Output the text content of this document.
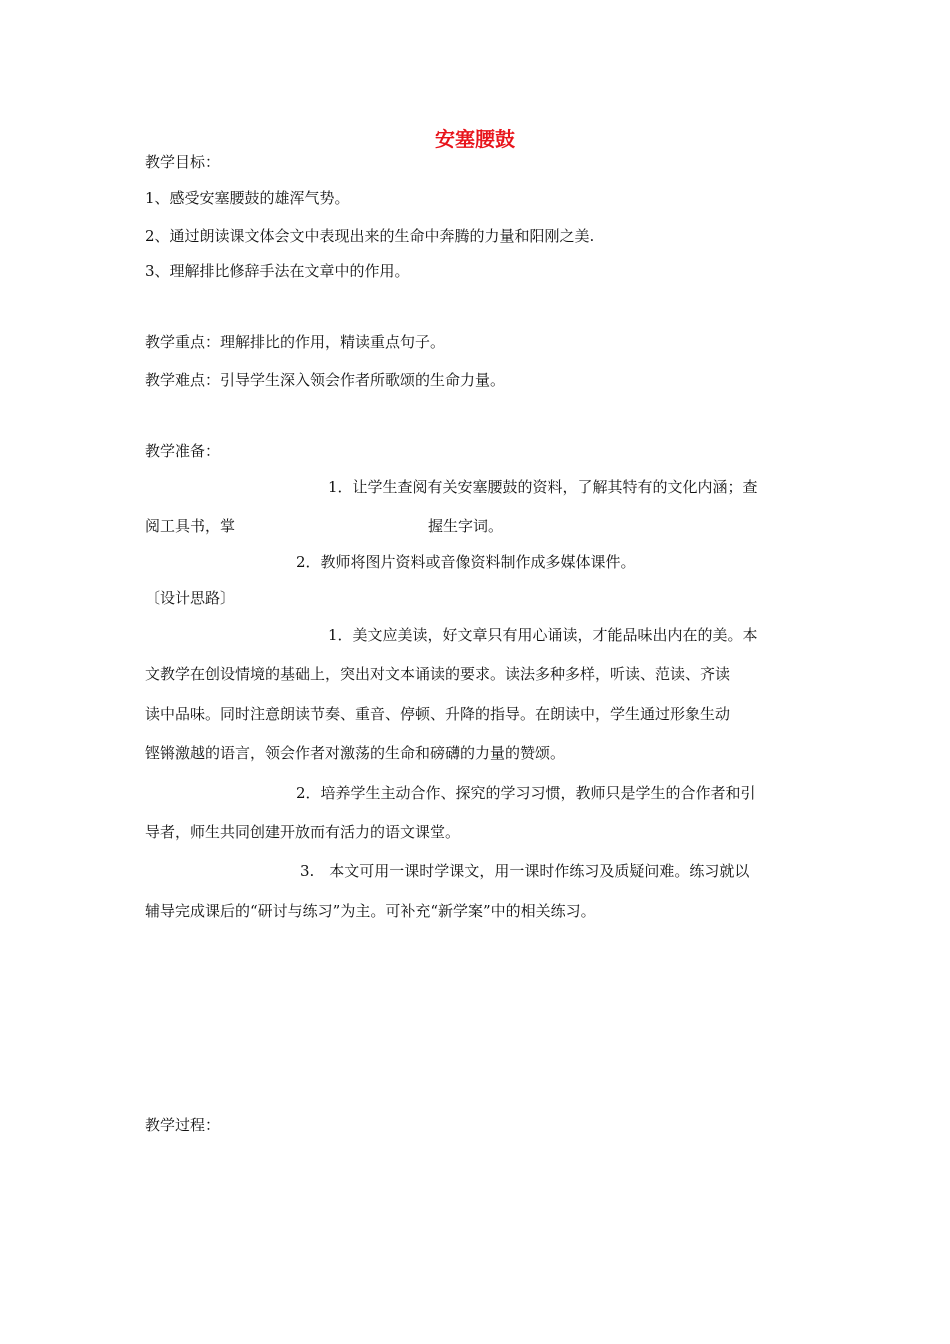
安塞腰鼓
教学目标：
1、感受安塞腰鼓的雄浑气势。
2、通过朗读课文体会文中表现出来的生命中奔腾的力量和阳刚之美.
3、理解排比修辞手法在文章中的作用。
教学重点：理解排比的作用，精读重点句子。
教学难点：引导学生深入领会作者所歌颂的生命力量。
教学准备：
1．让学生查阅有关安塞腰鼓的资料，了解其特有的文化内涵；查
阅工具书，掌	握生字词。
2．教师将图片资料或音像资料制作成多媒体课件。
〔设计思路〕
1．美文应美读，好文章只有用心诵读，才能品味出内在的美。本
文教学在创设情境的基础上，突出对文本诵读的要求。读法多种多样，听读、范读、齐读
读中品味。同时注意朗读节奏、重音、停顿、升降的指导。在朗读中，学生通过形象生动
铿锵激越的语言，领会作者对激荡的生命和磅礴的力量的赞颂。
2．培养学生主动合作、探究的学习习惯，教师只是学生的合作者和引
导者，师生共同创建开放而有活力的语文课堂。
3.　本文可用一课时学课文，用一课时作练习及质疑问难。练习就以
辅导完成课后的“研讨与练习”为主。可补充“新学案”中的相关练习。
教学过程：
